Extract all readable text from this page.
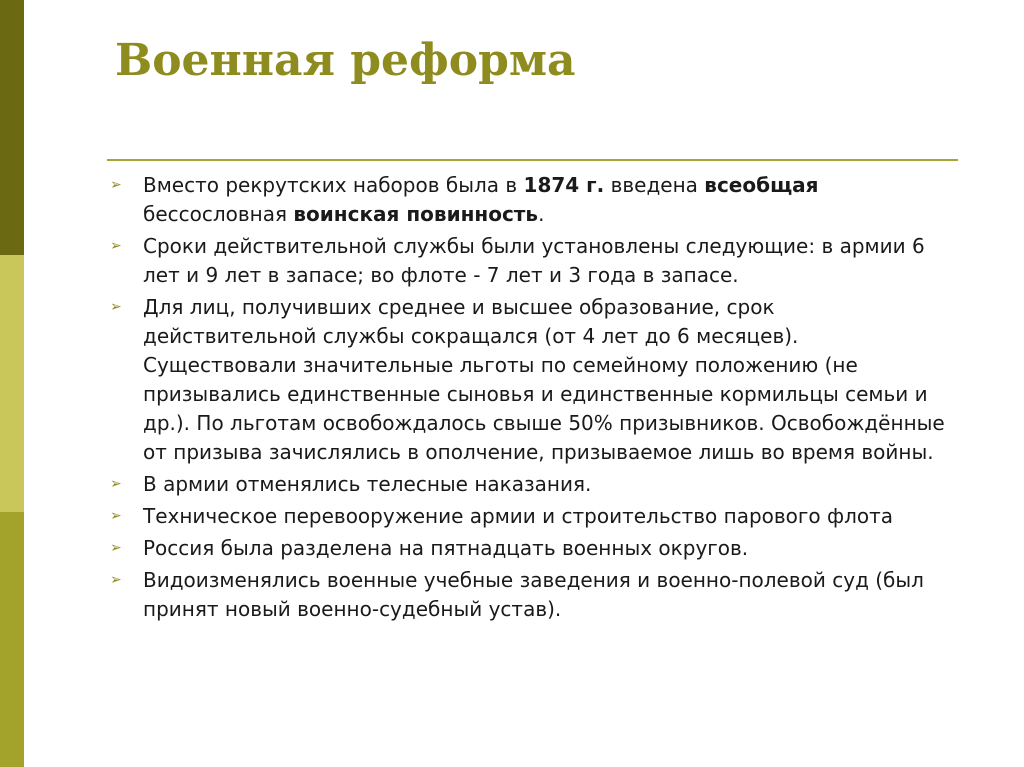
Военная реформа
➢ Вместо рекрутских наборов была в 1874 г. введена всеобщая бессословная воинская повинность.
➢ Сроки действительной службы были установлены следующие: в армии 6 лет и 9 лет в запасе; во флоте - 7 лет и 3 года в запасе.
➢ Для лиц, получивших среднее и высшее образование, срок действительной службы сокращался (от 4 лет до 6 месяцев). Существовали значительные льготы по семейному положению (не призывались единственные сыновья и единственные кормильцы семьи и др.). По льготам освобождалось свыше 50% призывников. Освобождённые от призыва зачислялись в ополчение, призываемое лишь во время войны.
➢ В армии отменялись телесные наказания.
➢ Техническое перевооружение армии и строительство парового флота
➢ Россия была разделена на пятнадцать военных округов.
➢ Видоизменялись военные учебные заведения и военно-полевой суд (был принят новый военно-судебный устав).
